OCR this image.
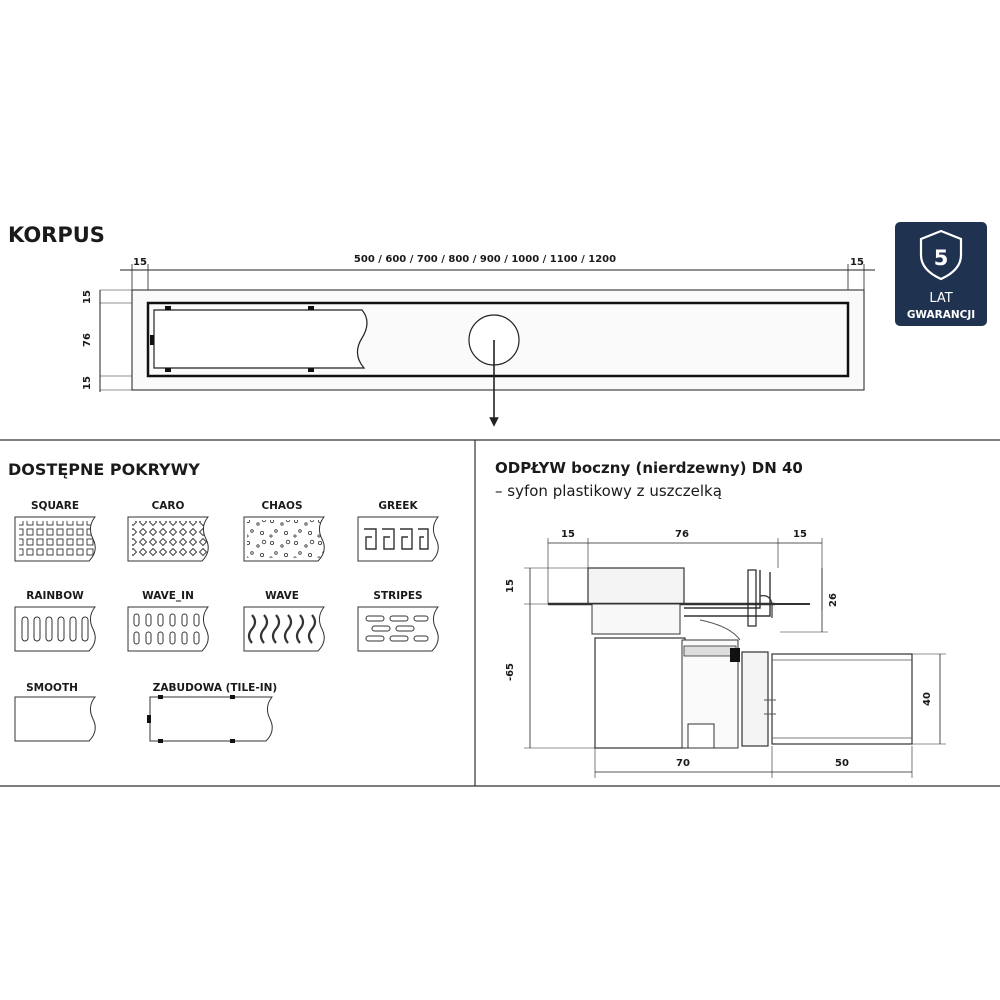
KORPUS
15	500 / 600 / 700 / 800 / 900 / 1000 / 1100 / 1200	15
15
76
15
5
LAT
GWARANCJI
DOSTĘPNE POKRYWY
SQUARE	CARO	CHAOS	GREEK
RAINBOW	WAVE_IN	WAVE	STRIPES
SMOOTH	ZABUDOWA (TILE-IN)
ODPŁYW boczny (nierdzewny) DN 40
– syfon plastikowy z uszczelką
15	76	15
15
-65
26
40
70	50
